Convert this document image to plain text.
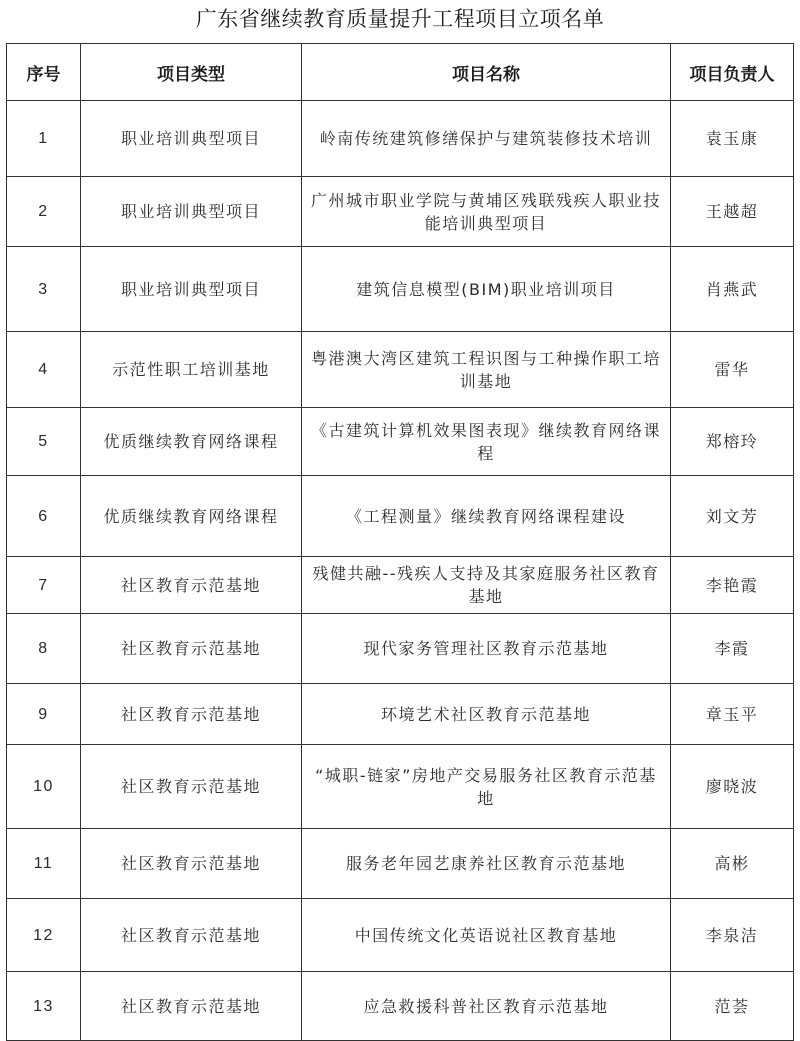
广东省继续教育质量提升工程项目立项名单
序号	项目类型	项目名称	项目负责人
1	职业培训典型项目	岭南传统建筑修缮保护与建筑装修技术培训	袁玉康
2	职业培训典型项目	广州城市职业学院与黄埔区残联残疾人职业技能培训典型项目	王越超
3	职业培训典型项目	建筑信息模型(BIM)职业培训项目	肖燕武
4	示范性职工培训基地	粤港澳大湾区建筑工程识图与工种操作职工培训基地	雷华
5	优质继续教育网络课程	《古建筑计算机效果图表现》继续教育网络课程	郑榕玲
6	优质继续教育网络课程	《工程测量》继续教育网络课程建设	刘文芳
7	社区教育示范基地	残健共融--残疾人支持及其家庭服务社区教育基地	李艳霞
8	社区教育示范基地	现代家务管理社区教育示范基地	李霞
9	社区教育示范基地	环境艺术社区教育示范基地	章玉平
10	社区教育示范基地	“城职-链家”房地产交易服务社区教育示范基地	廖晓波
11	社区教育示范基地	服务老年园艺康养社区教育示范基地	高彬
12	社区教育示范基地	中国传统文化英语说社区教育基地	李泉洁
13	社区教育示范基地	应急救援科普社区教育示范基地	范荟
